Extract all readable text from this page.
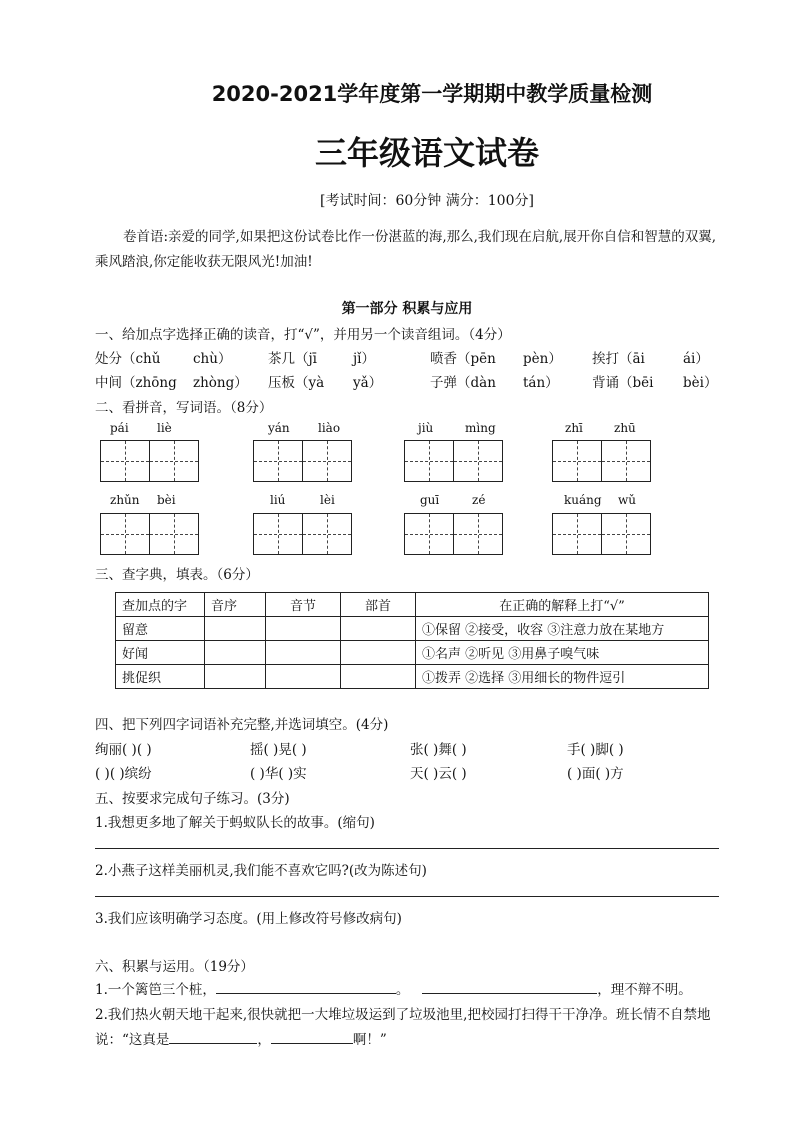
2020-2021学年度第一学期期中教学质量检测
三年级语文试卷
[考试时间：60分钟 满分：100分]
卷首语:亲爱的同学,如果把这份试卷比作一份湛蓝的海,那么,我们现在启航,展开你自信和智慧的双翼,乘风踏浪,你定能收获无限风光!加油!
第一部分 积累与应用
一、给加点字选择正确的读音，打“√”，并用另一个读音组词。（4分）
处分（chǔ chù）	茶几（jī	jǐ）	喷香（pēn pèn） 挨打（āi	ái）
中间（zhōng zhòng） 压板（yà yǎ）	子弹（dàn tán） 背诵（bēi bèi）
二、看拼音，写词语。（8分）
pái liè	yán liào	jiù	mìng	zhī	zhū
zhǔn bèi	liú	lèi	guī	zé	kuáng wǔ
三、查字典，填表。（6分）
查加点的字	音序	音节	部首	在正确的解释上打“√”
留意				①保留 ②接受，收容 ③注意力放在某地方
好闻				①名声 ②听见 ③用鼻子嗅气味
挑促织				①拨弄 ②选择 ③用细长的物件逗引
四、把下列四字词语补充完整,并选词填空。(4分)
绚丽( )( )	摇( )晃( )	张( )舞( )	手( )脚( )
( )( )缤纷	( )华( )实	天( )云( )	( )面( )方
五、按要求完成句子练习。(3分)
1.我想更多地了解关于蚂蚁队长的故事。(缩句)
2.小燕子这样美丽机灵,我们能不喜欢它吗?(改为陈述句)
3.我们应该明确学习态度。(用上修改符号修改病句)
六、积累与运用。（19分）
1.一个篱笆三个桩，	。	，理不辩不明。
2.我们热火朝天地干起来,很快就把一大堆垃圾运到了垃圾池里,把校园打扫得干干净净。班长情不自禁地说：“这真是	，	啊！”
